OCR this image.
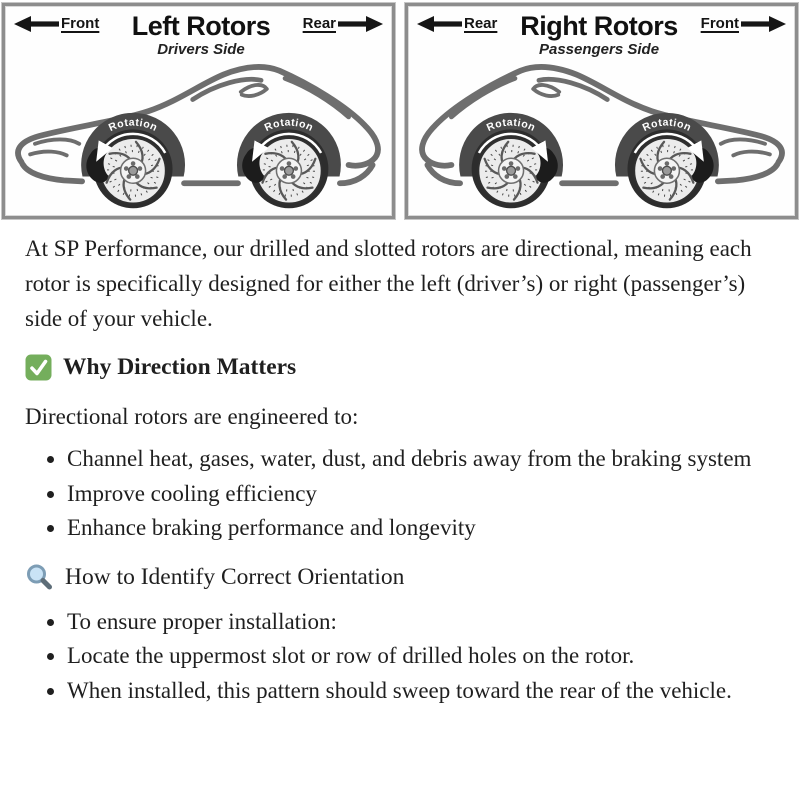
Front Left Rotors
Drivers Side
Rear
Rotation	Rotation
Rear Right Rotors
Passengers Side
Front
Rotation	Rotation

At SP Performance, our drilled and slotted rotors are directional, meaning each rotor is specifically designed for either the left (driver’s) or right (passenger’s) side of your vehicle.

Why Direction Matters

Directional rotors are engineered to:

• Channel heat, gases, water, dust, and debris away from the braking system
• Improve cooling efficiency
• Enhance braking performance and longevity
How to Identify Correct Orientation
• To ensure proper installation:
• Locate the uppermost slot or row of drilled holes on the rotor.
• When installed, this pattern should sweep toward the rear of the vehicle.
